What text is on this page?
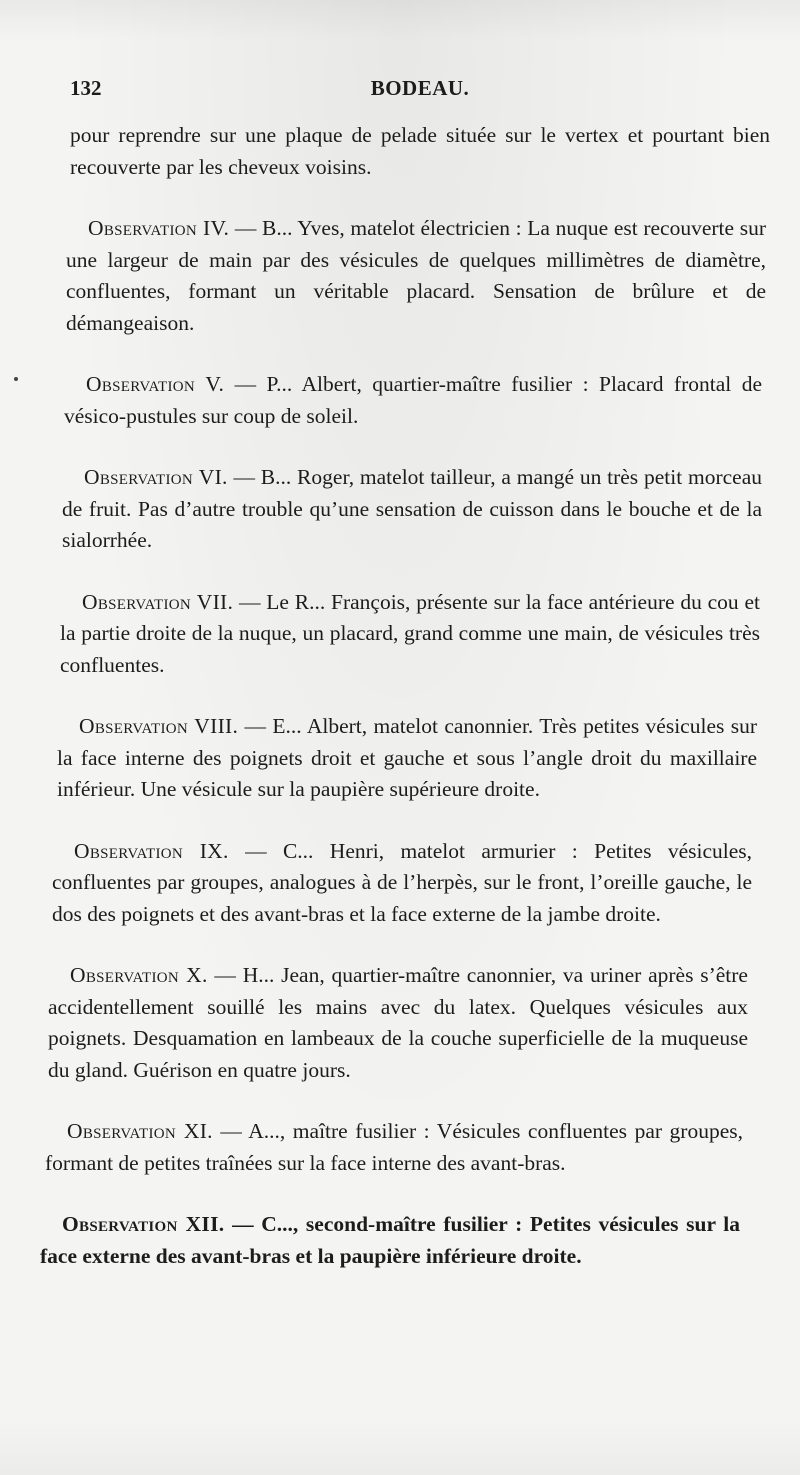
132	BODEAU.

pour reprendre sur une plaque de pelade située sur le vertex et pourtant bien recouverte par les cheveux voisins.

Observation IV. — B... Yves, matelot électricien : La nuque est recouverte sur une largeur de main par des vésicules de quelques millimètres de diamètre, confluentes, formant un véritable placard. Sensation de brûlure et de démangeaison.

Observation V. — P... Albert, quartier-maître fusilier : Placard frontal de vésico-pustules sur coup de soleil.

Observation VI. — B... Roger, matelot tailleur, a mangé un très petit morceau de fruit. Pas d’autre trouble qu’une sensation de cuisson dans le bouche et de la sialorrhée.

Observation VII. — Le R... François, présente sur la face antérieure du cou et la partie droite de la nuque, un placard, grand comme une main, de vésicules très confluentes.

Observation VIII. — E... Albert, matelot canonnier. Très petites vésicules sur la face interne des poignets droit et gauche et sous l’angle droit du maxillaire inférieur. Une vésicule sur la paupière supérieure droite.

Observation IX. — C... Henri, matelot armurier : Petites vésicules, confluentes par groupes, analogues à de l’herpès, sur le front, l’oreille gauche, le dos des poignets et des avant-bras et la face externe de la jambe droite.

Observation X. — H... Jean, quartier-maître canonnier, va uriner après s’être accidentellement souillé les mains avec du latex. Quelques vésicules aux poignets. Desquamation en lambeaux de la couche superficielle de la muqueuse du gland. Guérison en quatre jours.

Observation XI. — A..., maître fusilier : Vésicules confluentes par groupes, formant de petites traînées sur la face interne des avant-bras.

Observation XII. — C..., second-maître fusilier : Petites vésicules sur la face externe des avant-bras et la paupière inférieure droite.
